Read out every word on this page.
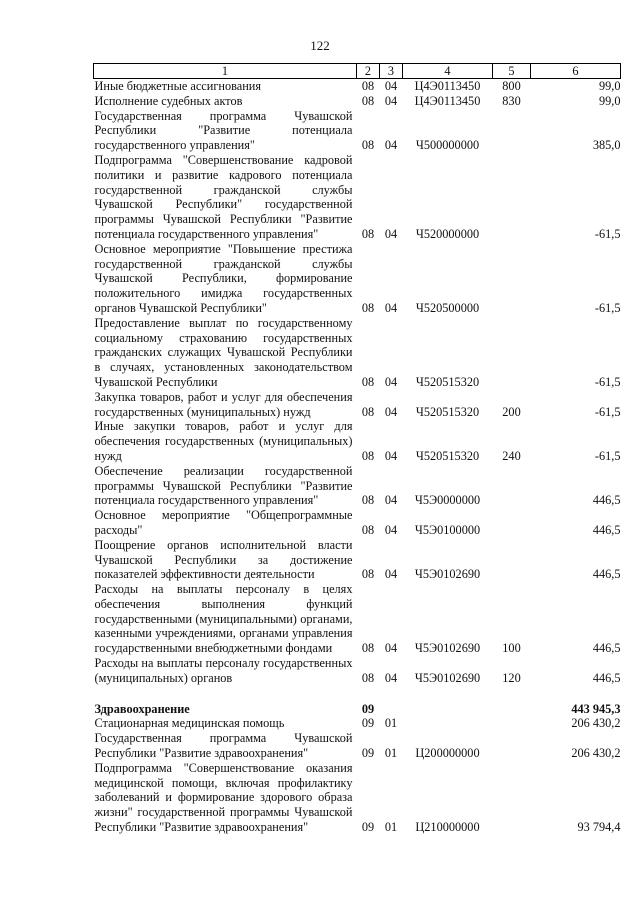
122
1	2	3	4	5	6
Иные бюджетные ассигнования	08	04	Ц4Э0113450	800	99,0
Исполнение судебных актов	08	04	Ц4Э0113450	830	99,0
Государственная программа Чувашской Республики "Развитие потенциала государственного управления"	08	04	Ч500000000		385,0
Подпрограмма "Совершенствование кадровой политики и развитие кадрового потенциала государственной гражданской службы Чувашской Республики" государственной программы Чувашской Республики "Развитие потенциала государственного управления"	08	04	Ч520000000		-61,5
Основное мероприятие "Повышение престижа государственной гражданской службы Чувашской Республики, формирование положительного имиджа государственных органов Чувашской Республики"	08	04	Ч520500000		-61,5
Предоставление выплат по государственному социальному страхованию государственных гражданских служащих Чувашской Республики в случаях, установленных законодательством Чувашской Республики	08	04	Ч520515320		-61,5
Закупка товаров, работ и услуг для обеспечения государственных (муниципальных) нужд	08	04	Ч520515320	200	-61,5
Иные закупки товаров, работ и услуг для обеспечения государственных (муниципальных) нужд	08	04	Ч520515320	240	-61,5
Обеспечение реализации государственной программы Чувашской Республики "Развитие потенциала государственного управления"	08	04	Ч5Э0000000		446,5
Основное мероприятие "Общепрограммные расходы"	08	04	Ч5Э0100000		446,5
Поощрение органов исполнительной власти Чувашской Республики за достижение показателей эффективности деятельности	08	04	Ч5Э0102690		446,5
Расходы на выплаты персоналу в целях обеспечения выполнения функций государственными (муниципальными) органами, казенными учреждениями, органами управления государственными внебюджетными фондами	08	04	Ч5Э0102690	100	446,5
Расходы на выплаты персоналу государственных (муниципальных) органов	08	04	Ч5Э0102690	120	446,5
Здравоохранение	09				443 945,3
Стационарная медицинская помощь	09	01			206 430,2
Государственная программа Чувашской Республики "Развитие здравоохранения"	09	01	Ц200000000		206 430,2
Подпрограмма "Совершенствование оказания медицинской помощи, включая профилактику заболеваний и формирование здорового образа жизни" государственной программы Чувашской Республики "Развитие здравоохранения"	09	01	Ц210000000		93 794,4
